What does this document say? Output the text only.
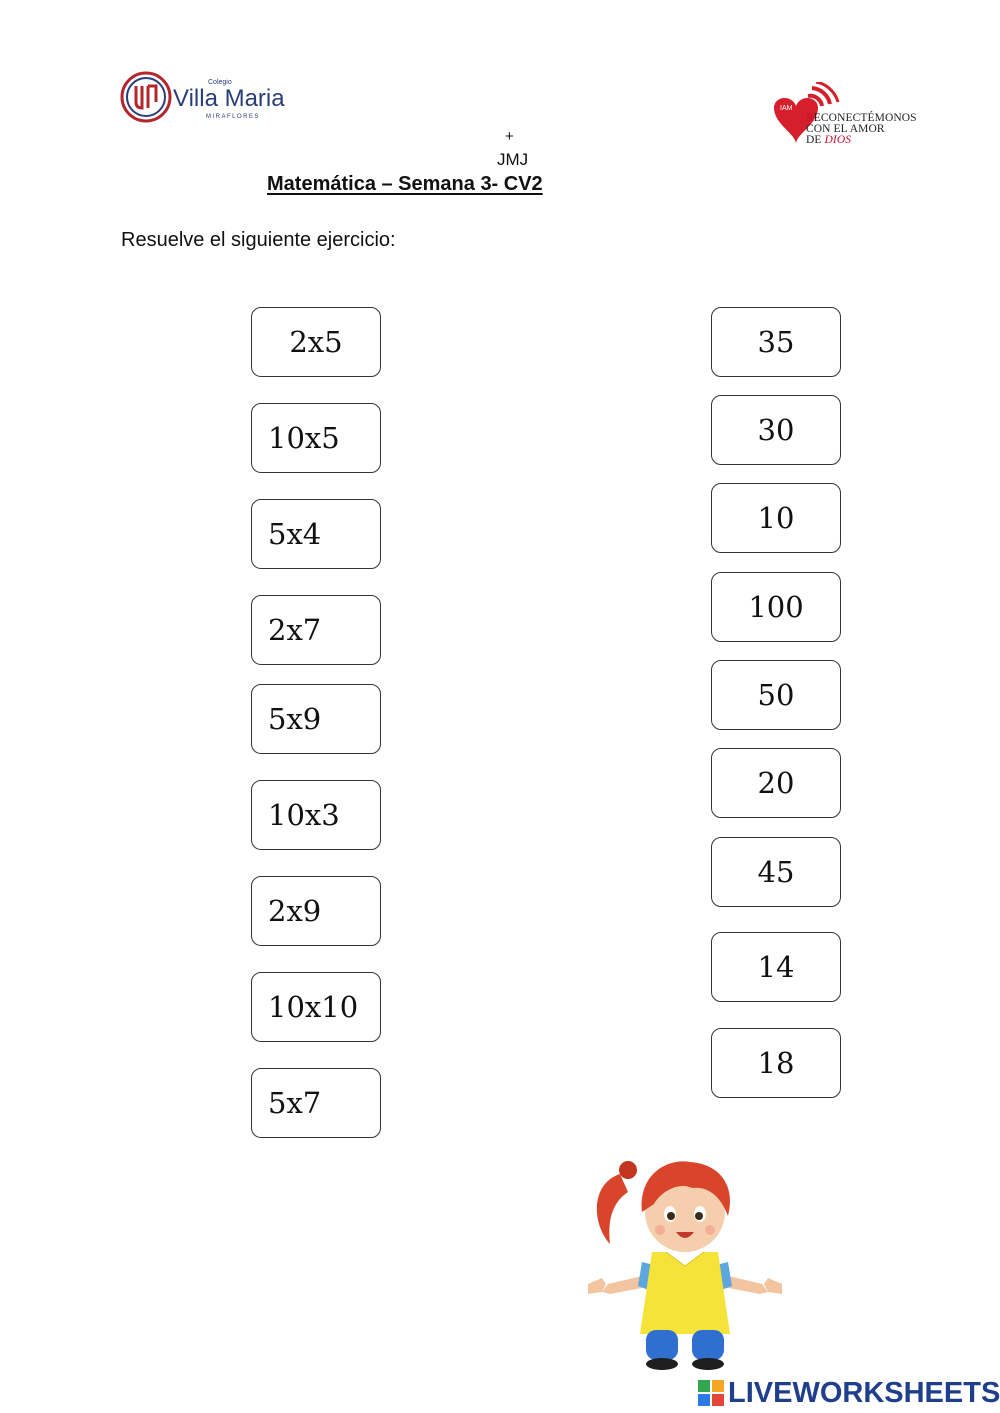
Colegio
Villa Maria
MIRAFLORES
IAM
RECONECTÉMONOS
CON EL AMOR
DE DIOS
+
JMJ
Matemática – Semana 3- CV2
Resuelve el siguiente ejercicio:
2x5
10x5
5x4
2x7
5x9
10x3
2x9
10x10
5x7
35
30
10
100
50
20
45
14
18
LIVEWORKSHEETS
